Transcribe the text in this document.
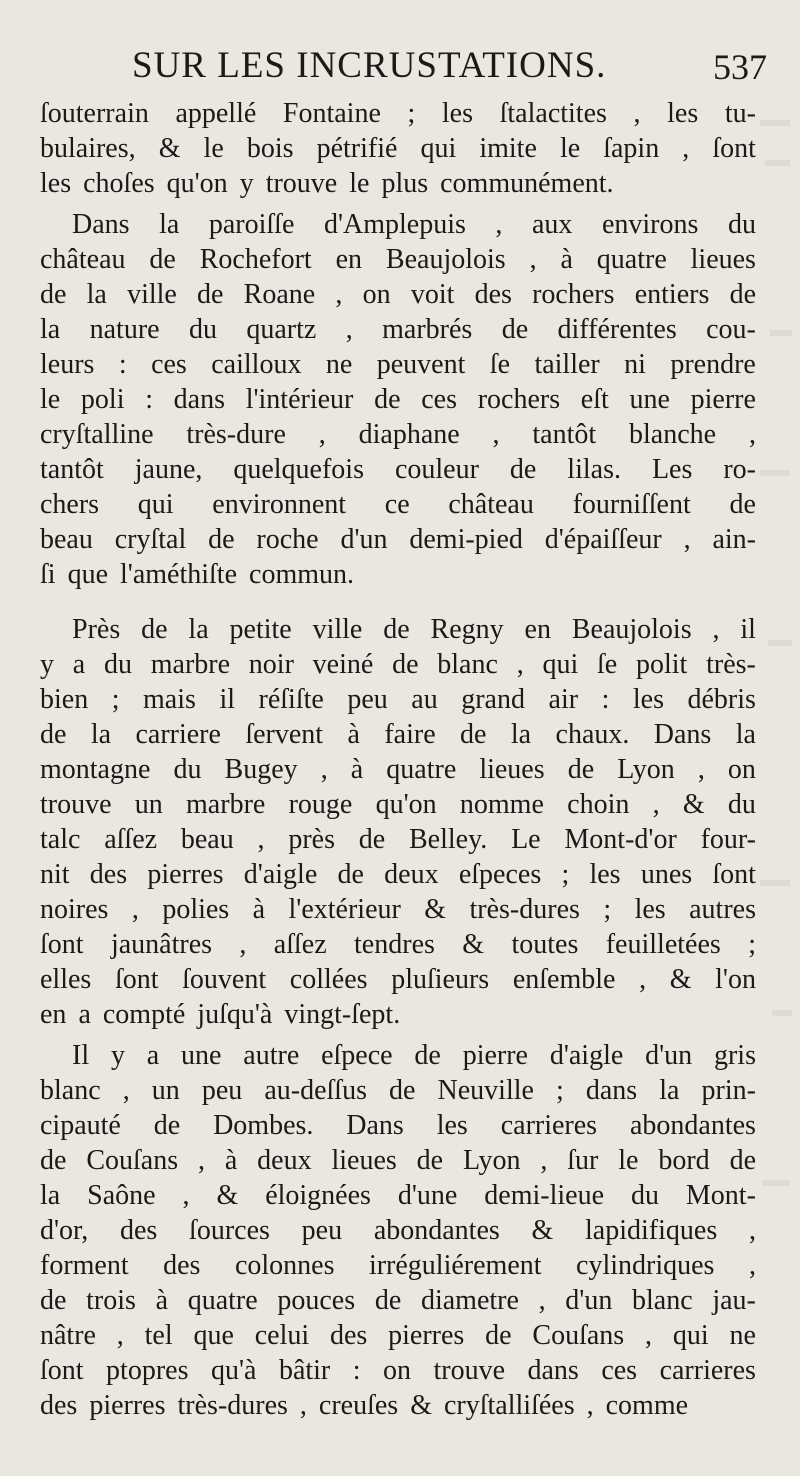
SUR LES INCRUSTATIONS.	537
ſouterrain appellé Fontaine ; les ſtalactites , les tu-
bulaires, & le bois pétrifié qui imite le ſapin , ſont
les choſes qu'on y trouve le plus communément.
Dans la paroiſſe d'Amplepuis , aux environs du
château de Rochefort en Beaujolois , à quatre lieues
de la ville de Roane , on voit des rochers entiers de
la nature du quartz , marbrés de différentes cou-
leurs : ces cailloux ne peuvent ſe tailler ni prendre
le poli : dans l'intérieur de ces rochers eſt une pierre
cryſtalline très-dure , diaphane , tantôt blanche ,
tantôt jaune, quelquefois couleur de lilas. Les ro-
chers qui environnent ce château fourniſſent de
beau cryſtal de roche d'un demi-pied d'épaiſſeur , ain-
ſi que l'améthiſte commun.
Près de la petite ville de Regny en Beaujolois , il
y a du marbre noir veiné de blanc , qui ſe polit très-
bien ; mais il réſiſte peu au grand air : les débris
de la carriere ſervent à faire de la chaux. Dans la
montagne du Bugey , à quatre lieues de Lyon , on
trouve un marbre rouge qu'on nomme choin , & du
talc aſſez beau , près de Belley. Le Mont-d'or four-
nit des pierres d'aigle de deux eſpeces ; les unes ſont
noires , polies à l'extérieur & très-dures ; les autres
ſont jaunâtres , aſſez tendres & toutes feuilletées ;
elles ſont ſouvent collées pluſieurs enſemble , & l'on
en a compté juſqu'à vingt-ſept.
Il y a une autre eſpece de pierre d'aigle d'un gris
blanc , un peu au-deſſus de Neuville ; dans la prin-
cipauté de Dombes. Dans les carrieres abondantes
de Couſans , à deux lieues de Lyon , ſur le bord de
la Saône , & éloignées d'une demi-lieue du Mont-
d'or, des ſources peu abondantes & lapidifiques ,
forment des colonnes irréguliérement cylindriques ,
de trois à quatre pouces de diametre , d'un blanc jau-
nâtre , tel que celui des pierres de Couſans , qui ne
ſont ptopres qu'à bâtir : on trouve dans ces carrieres
des pierres très-dures , creuſes & cryſtalliſées , comme
